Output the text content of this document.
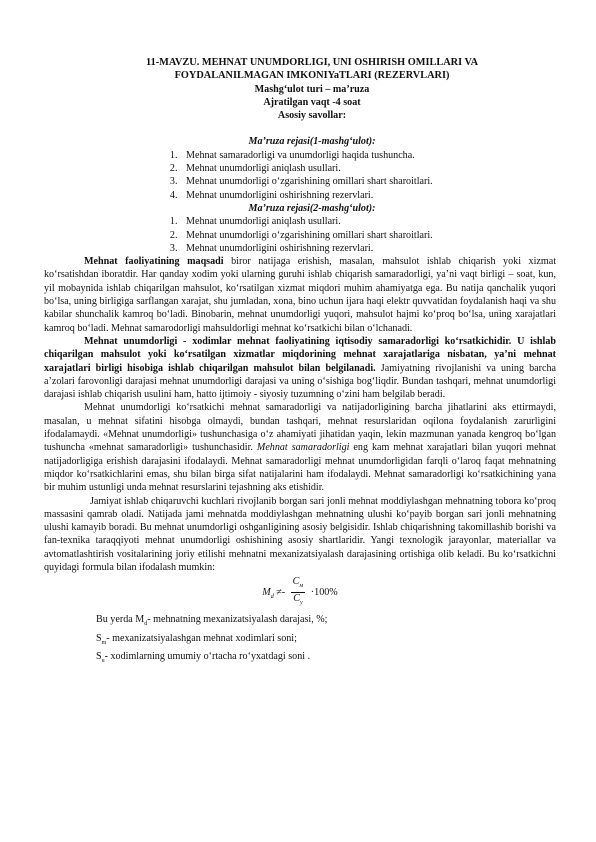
11-MAVZU. MEHNAT UNUMDORLIGI, UNI OSHIRISH OMILLARI VA
FOYDALANILMAGAN IMKONIYaTLARI (REZERVLARI)
Mashg‘ulot turi – ma’ruza
Ajratilgan vaqt -4 soat
Asosiy savollar:
Ma’ruza rejasi(1-mashg‘ulot):
1. Mehnat samaradorligi va unumdorligi haqida tushuncha.
2. Mehnat unumdorligi aniqlash usullari.
3. Mehnat unumdorligi o‘zgarishining omillari shart sharoitlari.
4. Mehnat unumdorligini oshirishning rezervlari.
Ma’ruza rejasi(2-mashg‘ulot):
1. Mehnat unumdorligi aniqlash usullari.
2. Mehnat unumdorligi o‘zgarishining omillari shart sharoitlari.
3. Mehnat unumdorligini oshirishning rezervlari.

Mehnat faoliyatining maqsadi biror natijaga erishish, masalan, mahsulot ishlab chiqarish yoki xizmat ko‘rsatishdan iboratdir. Har qanday xodim yoki ularning guruhi ishlab chiqarish samaradorligi, ya’ni vaqt birligi – soat, kun, yil mobaynida ishlab chiqarilgan mahsulot, ko‘rsatilgan xizmat miqdori muhim ahamiyatga ega. Bu natija qanchalik yuqori bo‘lsa, uning birligiga sarflangan xarajat, shu jumladan, xona, bino uchun ijara haqi elektr quvvatidan foydalanish haqi va shu kabilar shunchalik kamroq bo‘ladi. Binobarin, mehnat unumdorligi yuqori, mahsulot hajmi ko‘proq bo‘lsa, uning xarajatlari kamroq bo‘ladi. Mehnat samarodorligi mahsuldorligi mehnat ko‘rsatkichi bilan o‘lchanadi.

Mehnat unumdorligi - xodimlar mehnat faoliyatining iqtisodiy samaradorligi ko‘rsatkichidir. U ishlab chiqarilgan mahsulot yoki ko‘rsatilgan xizmatlar miqdorining mehnat xarajatlariga nisbatan, ya’ni mehnat xarajatlari birligi hisobiga ishlab chiqarilgan mahsulot bilan belgilanadi. Jamiyatning rivojlanishi va uning barcha a’zolari farovonligi darajasi mehnat unumdorligi darajasi va uning o‘sishiga bog‘liqdir. Bundan tashqari, mehnat unumdorligi darajasi ishlab chiqarish usulini ham, hatto ijtimoiy - siyosiy tuzumning o‘zini ham belgilab beradi.

Mehnat unumdorligi ko‘rsatkichi mehnat samaradorligi va natijadorligining barcha jihatlarini aks ettirmaydi, masalan, u mehnat sifatini hisobga olmaydi, bundan tashqari, mehnat resurslaridan oqilona foydalanish zarurligini ifodalamaydi. «Mehnat unumdorligi» tushunchasiga o‘z ahamiyati jihatidan yaqin, lekin mazmunan yanada kengroq bo‘lgan tushuncha «mehnat samaradorligi» tushunchasidir. Mehnat samaradorligi eng kam mehnat xarajatlari bilan yuqori mehnat natijadorligiga erishish darajasini ifodalaydi. Mehnat samaradorligi mehnat unumdorligidan farqli o‘laroq faqat mehnatning miqdor ko‘rsatkichlarini emas, shu bilan birga sifat natijalarini ham ifodalaydi. Mehnat samaradorligi ko‘rsatkichining yana bir muhim ustunligi unda mehnat resurslarini tejashning aks etishidir.

Jamiyat ishlab chiqaruvchi kuchlari rivojlanib borgan sari jonli mehnat moddiylashgan mehnatning tobora ko‘proq massasini qamrab oladi. Natijada jami mehnatda moddiylashgan mehnatning ulushi ko‘payib borgan sari jonli mehnatning ulushi kamayib boradi. Bu mehnat unumdorligi oshganligining asosiy belgisidir. Ishlab chiqarishning takomillashib borishi va fan-texnika taraqqiyoti mehnat unumdorligi oshishining asosiy shartlaridir. Yangi texnologik jarayonlar, materiallar va avtomatlashtirish vositalarining joriy etilishi mehnatni mexanizatsiyalash darajasining ortishiga olib keladi. Bu ko‘rsatkichni quyidagi formula bilan ifodalash mumkin:

$M_d \ne- \frac{C_м}{C_у} \cdot 100\%$
Bu yerda $M_d-$ mehnatning mexanizatsiyalash darajasi, %;
$S_m-$ mexanizatsiyalashgan mehnat xodimlari soni;
$S_u-$ xodimlarning umumiy o‘rtacha ro‘yxatdagi soni .
